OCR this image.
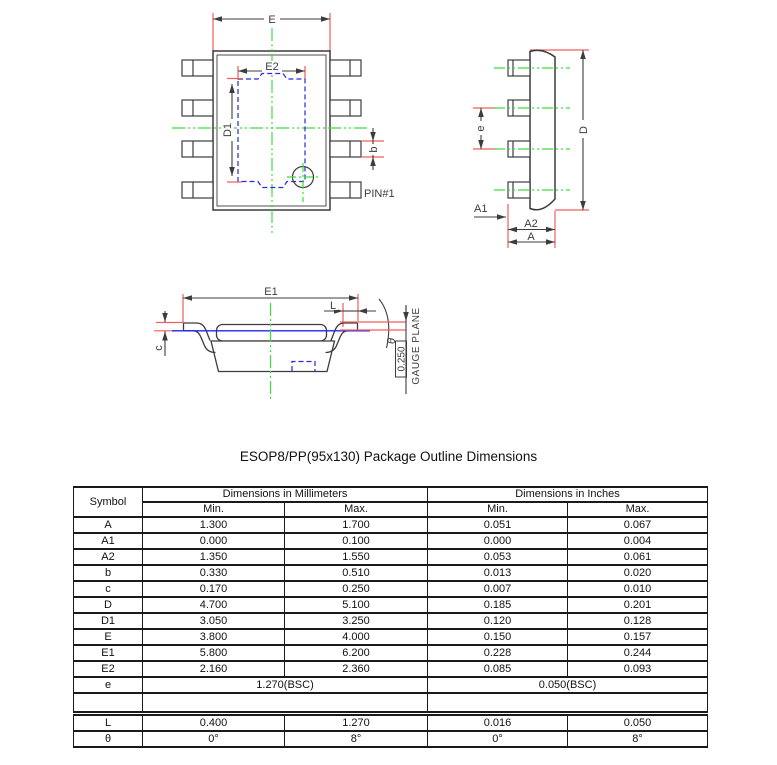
E
E2
D1
b
PIN#1
e	D
A1
A2
A
E1
L
c
θ
0.250 GAUGE PLANE
ESOP8/PP(95x130) Package Outline Dimensions
Symbol	Dimensions in Millimeters		Dimensions in Inches	
	Min.	Max.	Min.	Max.
A	1.300	1.700	0.051	0.067
A1	0.000	0.100	0.000	0.004
A2	1.350	1.550	0.053	0.061
b	0.330	0.510	0.013	0.020
c	0.170	0.250	0.007	0.010
D	4.700	5.100	0.185	0.201
D1	3.050	3.250	0.120	0.128
E	3.800	4.000	0.150	0.157
E1	5.800	6.200	0.228	0.244
E2	2.160	2.360	0.085	0.093
e	1.270(BSC)		0.050(BSC)	

L	0.400	1.270	0.016	0.050
θ	0°	8°	0°	8°
